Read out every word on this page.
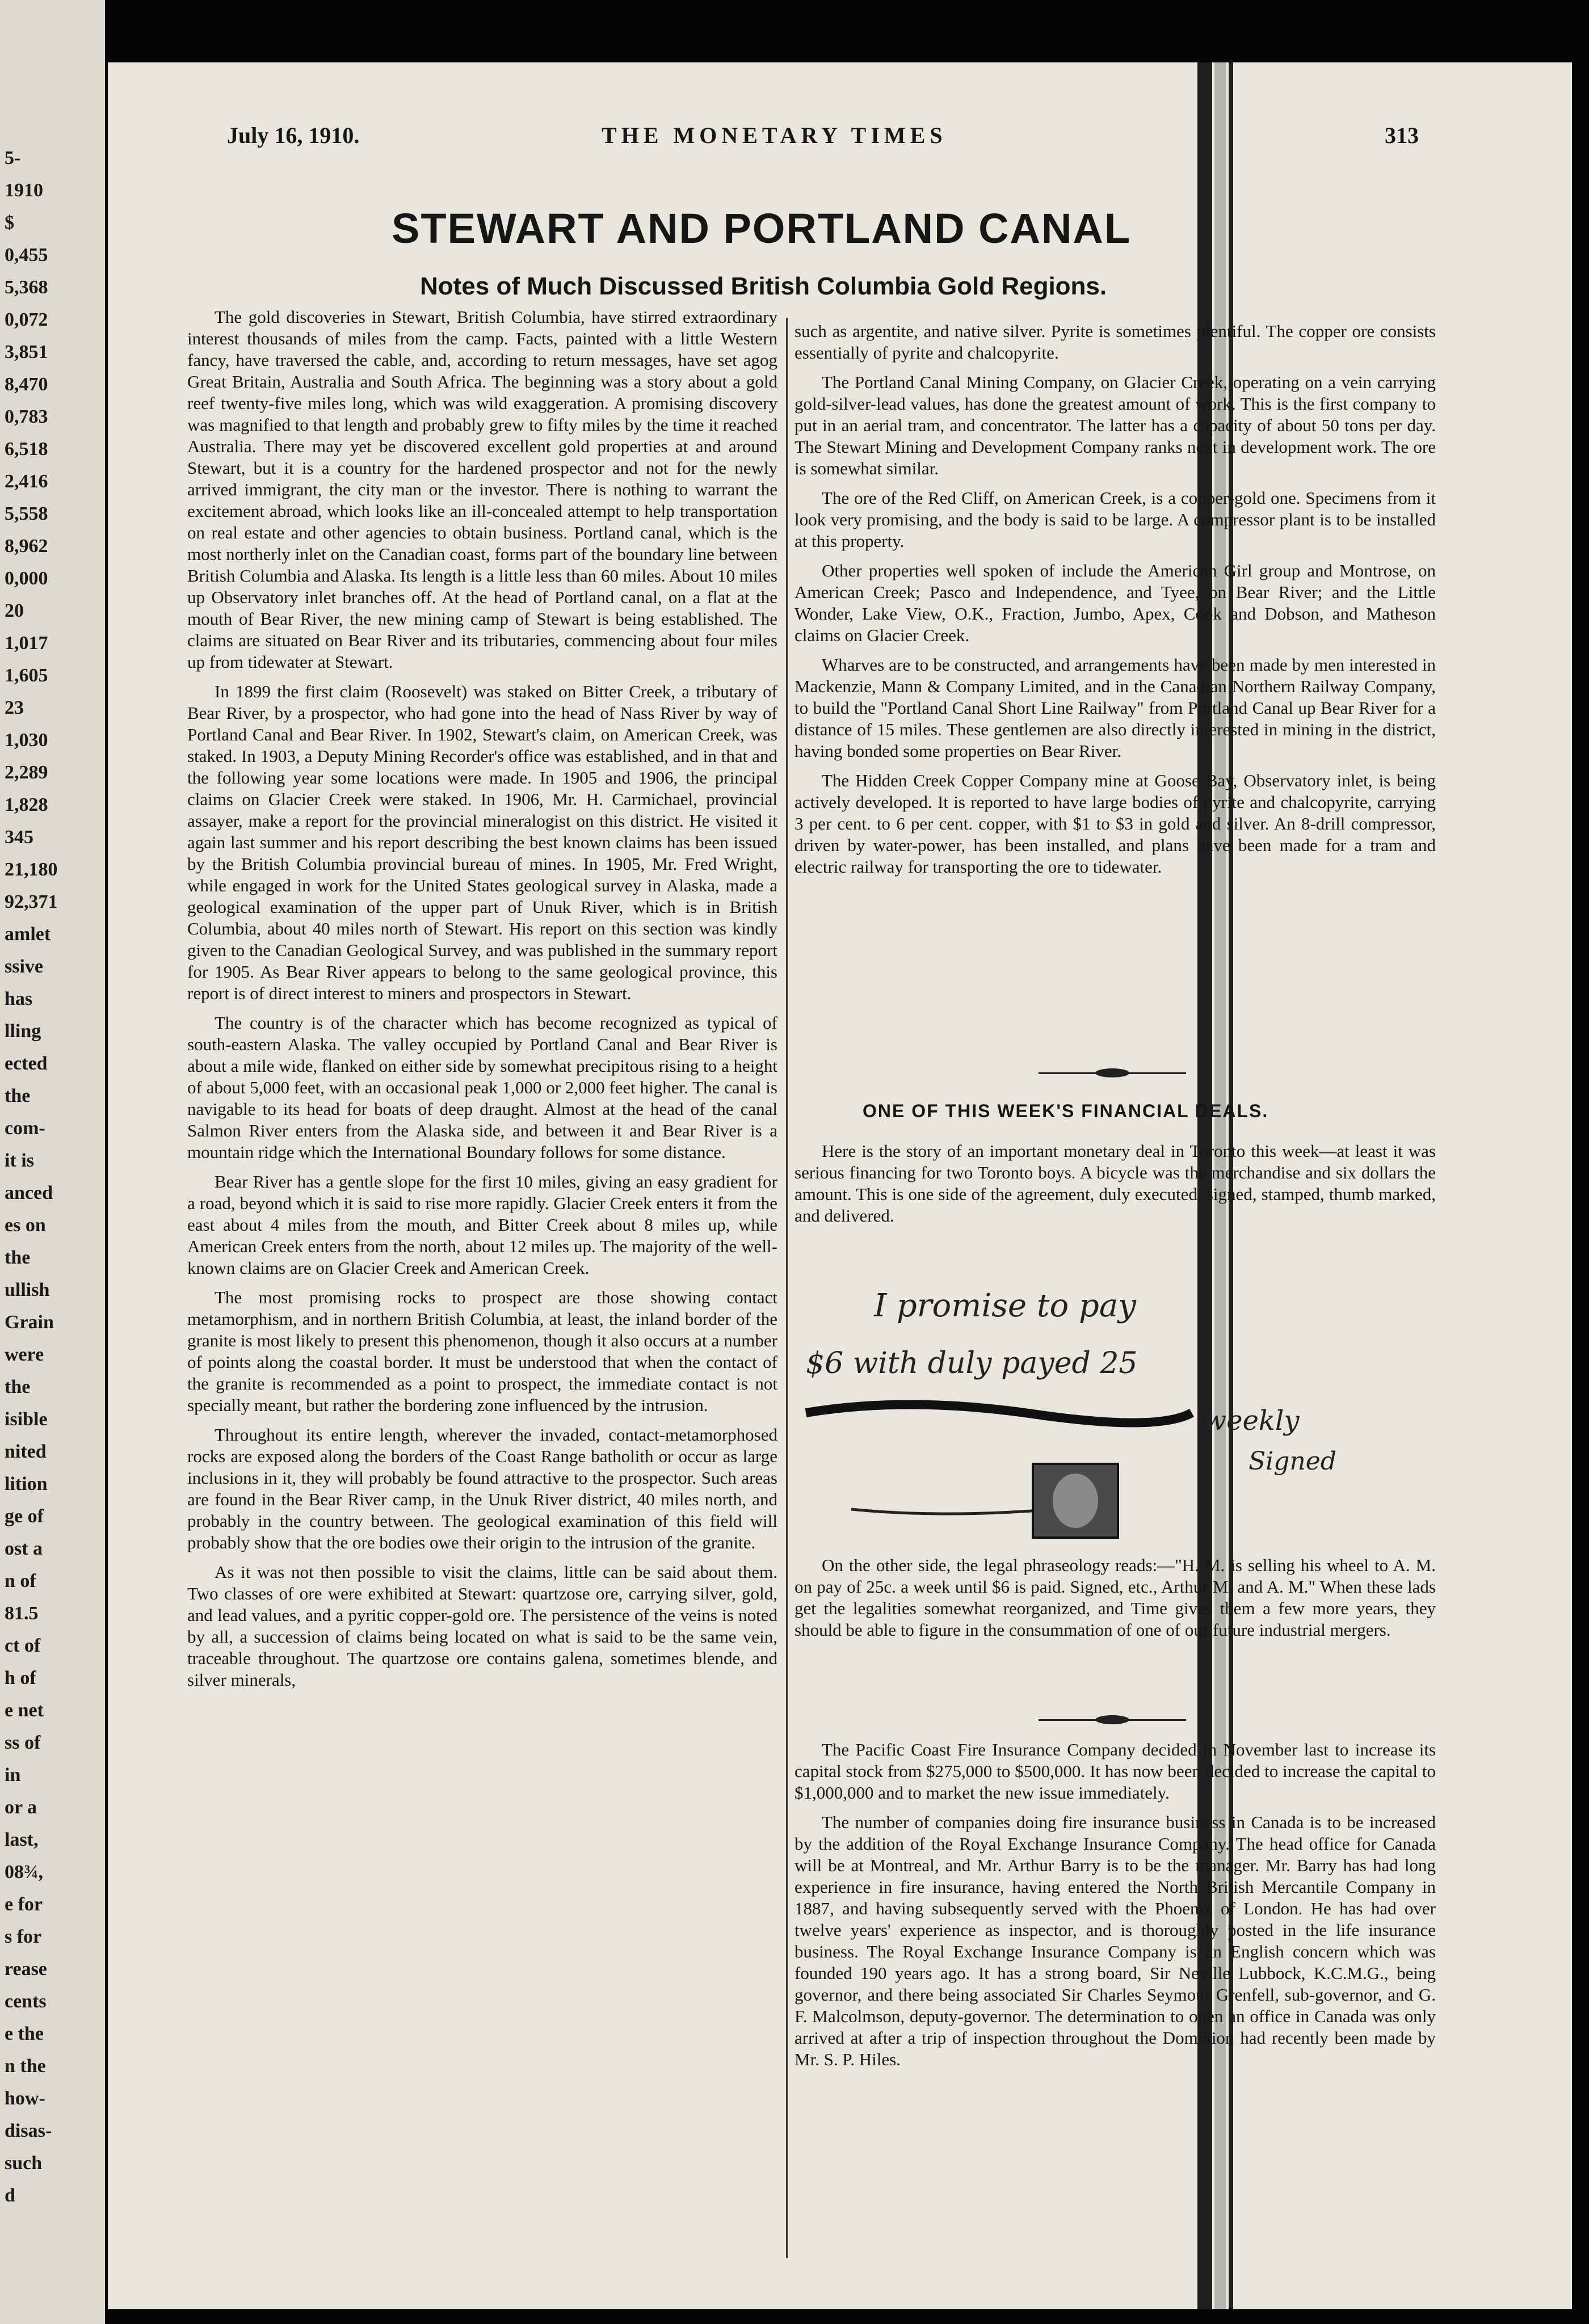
5-
1910
$
0,455
5,368
0,072
3,851
8,470
0,783
6,518
2,416
5,558
8,962
0,000
20
1,017
1,605
23
1,030
2,289
1,828
345
21,180
92,371
amlet
ssive
has
lling
ected
the
com-
it is
anced
es on
the
ullish
Grain
were
the
isible
nited
lition
ge of
ost a
n of
81.5
ct of
h of
e net
ss of
in
or a
last,
08¾,
e for
s for
rease
cents
e the
n the
how-
disas-
such
d
July 16, 1910.	THE MONETARY TIMES	313
STEWART AND PORTLAND CANAL
Notes of Much Discussed British Columbia Gold Regions.

The gold discoveries in Stewart, British Columbia, have stirred extraordinary interest thousands of miles from the camp. Facts, painted with a little Western fancy, have traversed the cable, and, according to return messages, have set agog Great Britain, Australia and South Africa. The beginning was a story about a gold reef twenty-five miles long, which was wild exaggeration. A promising discovery was magnified to that length and probably grew to fifty miles by the time it reached Australia. There may yet be discovered excellent gold properties at and around Stewart, but it is a country for the hardened prospector and not for the newly arrived immigrant, the city man or the investor. There is nothing to warrant the excitement abroad, which looks like an ill-concealed attempt to help transportation on real estate and other agencies to obtain business. Portland canal, which is the most northerly inlet on the Canadian coast, forms part of the boundary line between British Columbia and Alaska. Its length is a little less than 60 miles. About 10 miles up Observatory inlet branches off. At the head of Portland canal, on a flat at the mouth of Bear River, the new mining camp of Stewart is being established. The claims are situated on Bear River and its tributaries, commencing about four miles up from tidewater at Stewart.

In 1899 the first claim (Roosevelt) was staked on Bitter Creek, a tributary of Bear River, by a prospector, who had gone into the head of Nass River by way of Portland Canal and Bear River. In 1902, Stewart's claim, on American Creek, was staked. In 1903, a Deputy Mining Recorder's office was established, and in that and the following year some locations were made. In 1905 and 1906, the principal claims on Glacier Creek were staked. In 1906, Mr. H. Carmichael, provincial assayer, make a report for the provincial mineralogist on this district. He visited it again last summer and his report describing the best known claims has been issued by the British Columbia provincial bureau of mines. In 1905, Mr. Fred Wright, while engaged in work for the United States geological survey in Alaska, made a geological examination of the upper part of Unuk River, which is in British Columbia, about 40 miles north of Stewart. His report on this section was kindly given to the Canadian Geological Survey, and was published in the summary report for 1905. As Bear River appears to belong to the same geological province, this report is of direct interest to miners and prospectors in Stewart.

The country is of the character which has become recognized as typical of south-eastern Alaska. The valley occupied by Portland Canal and Bear River is about a mile wide, flanked on either side by somewhat precipitous rising to a height of about 5,000 feet, with an occasional peak 1,000 or 2,000 feet higher. The canal is navigable to its head for boats of deep draught. Almost at the head of the canal Salmon River enters from the Alaska side, and between it and Bear River is a mountain ridge which the International Boundary follows for some distance.

Bear River has a gentle slope for the first 10 miles, giving an easy gradient for a road, beyond which it is said to rise more rapidly. Glacier Creek enters it from the east about 4 miles from the mouth, and Bitter Creek about 8 miles up, while American Creek enters from the north, about 12 miles up. The majority of the well-known claims are on Glacier Creek and American Creek.

The most promising rocks to prospect are those showing contact metamorphism, and in northern British Columbia, at least, the inland border of the granite is most likely to present this phenomenon, though it also occurs at a number of points along the coastal border. It must be understood that when the contact of the granite is recommended as a point to prospect, the immediate contact is not specially meant, but rather the bordering zone influenced by the intrusion.

Throughout its entire length, wherever the invaded, contact-metamorphosed rocks are exposed along the borders of the Coast Range batholith or occur as large inclusions in it, they will probably be found attractive to the prospector. Such areas are found in the Bear River camp, in the Unuk River district, 40 miles north, and probably in the country between. The geological examination of this field will probably show that the ore bodies owe their origin to the intrusion of the granite.

As it was not then possible to visit the claims, little can be said about them. Two classes of ore were exhibited at Stewart: quartzose ore, carrying silver, gold, and lead values, and a pyritic copper-gold ore. The persistence of the veins is noted by all, a succession of claims being located on what is said to be the same vein, traceable throughout. The quartzose ore contains galena, sometimes blende, and silver minerals,

such as argentite, and native silver. Pyrite is sometimes plentiful. The copper ore consists essentially of pyrite and chalcopyrite.

The Portland Canal Mining Company, on Glacier Creek, operating on a vein carrying gold-silver-lead values, has done the greatest amount of work. This is the first company to put in an aerial tram, and concentrator. The latter has a capacity of about 50 tons per day. The Stewart Mining and Development Company ranks next in development work. The ore is somewhat similar.

The ore of the Red Cliff, on American Creek, is a copper-gold one. Specimens from it look very promising, and the body is said to be large. A compressor plant is to be installed at this property.

Other properties well spoken of include the American Girl group and Montrose, on American Creek; Pasco and Independence, and Tyee, on Bear River; and the Little Wonder, Lake View, O.K., Fraction, Jumbo, Apex, Cook and Dobson, and Matheson claims on Glacier Creek.

Wharves are to be constructed, and arrangements have been made by men interested in Mackenzie, Mann & Company Limited, and in the Canadian Northern Railway Company, to build the "Portland Canal Short Line Railway" from Portland Canal up Bear River for a distance of 15 miles. These gentlemen are also directly interested in mining in the district, having bonded some properties on Bear River.

The Hidden Creek Copper Company mine at Goose Bay, Observatory inlet, is being actively developed. It is reported to have large bodies of pyrite and chalcopyrite, carrying 3 per cent. to 6 per cent. copper, with $1 to $3 in gold and silver. An 8-drill compressor, driven by water-power, has been installed, and plans have been made for a tram and electric railway for transporting the ore to tidewater.

ONE OF THIS WEEK'S FINANCIAL DEALS.

Here is the story of an important monetary deal in Toronto this week—at least it was serious financing for two Toronto boys. A bicycle was the merchandise and six dollars the amount. This is one side of the agreement, duly executed, signed, stamped, thumb marked, and delivered.

I promise to pay
$6 with duly payed 25
weekly
Signed

On the other side, the legal phraseology reads:—"H. M. is selling his wheel to A. M. on pay of 25c. a week until $6 is paid. Signed, etc., Arthur M. and A. M." When these lads get the legalities somewhat reorganized, and Time gives them a few more years, they should be able to figure in the consummation of one of our future industrial mergers.

The Pacific Coast Fire Insurance Company decided in November last to increase its capital stock from $275,000 to $500,000. It has now been decided to increase the capital to $1,000,000 and to market the new issue immediately.

The number of companies doing fire insurance business in Canada is to be increased by the addition of the Royal Exchange Insurance Company. The head office for Canada will be at Montreal, and Mr. Arthur Barry is to be the manager. Mr. Barry has had long experience in fire insurance, having entered the North British Mercantile Company in 1887, and having subsequently served with the Phoenix of London. He has had over twelve years' experience as inspector, and is thoroughly posted in the life insurance business. The Royal Exchange Insurance Company is an English concern which was founded 190 years ago. It has a strong board, Sir Neville Lubbock, K.C.M.G., being governor, and there being associated Sir Charles Seymour Grenfell, sub-governor, and G. F. Malcolmson, deputy-governor. The determination to open an office in Canada was only arrived at after a trip of inspection throughout the Dominion had recently been made by Mr. S. P. Hiles.
